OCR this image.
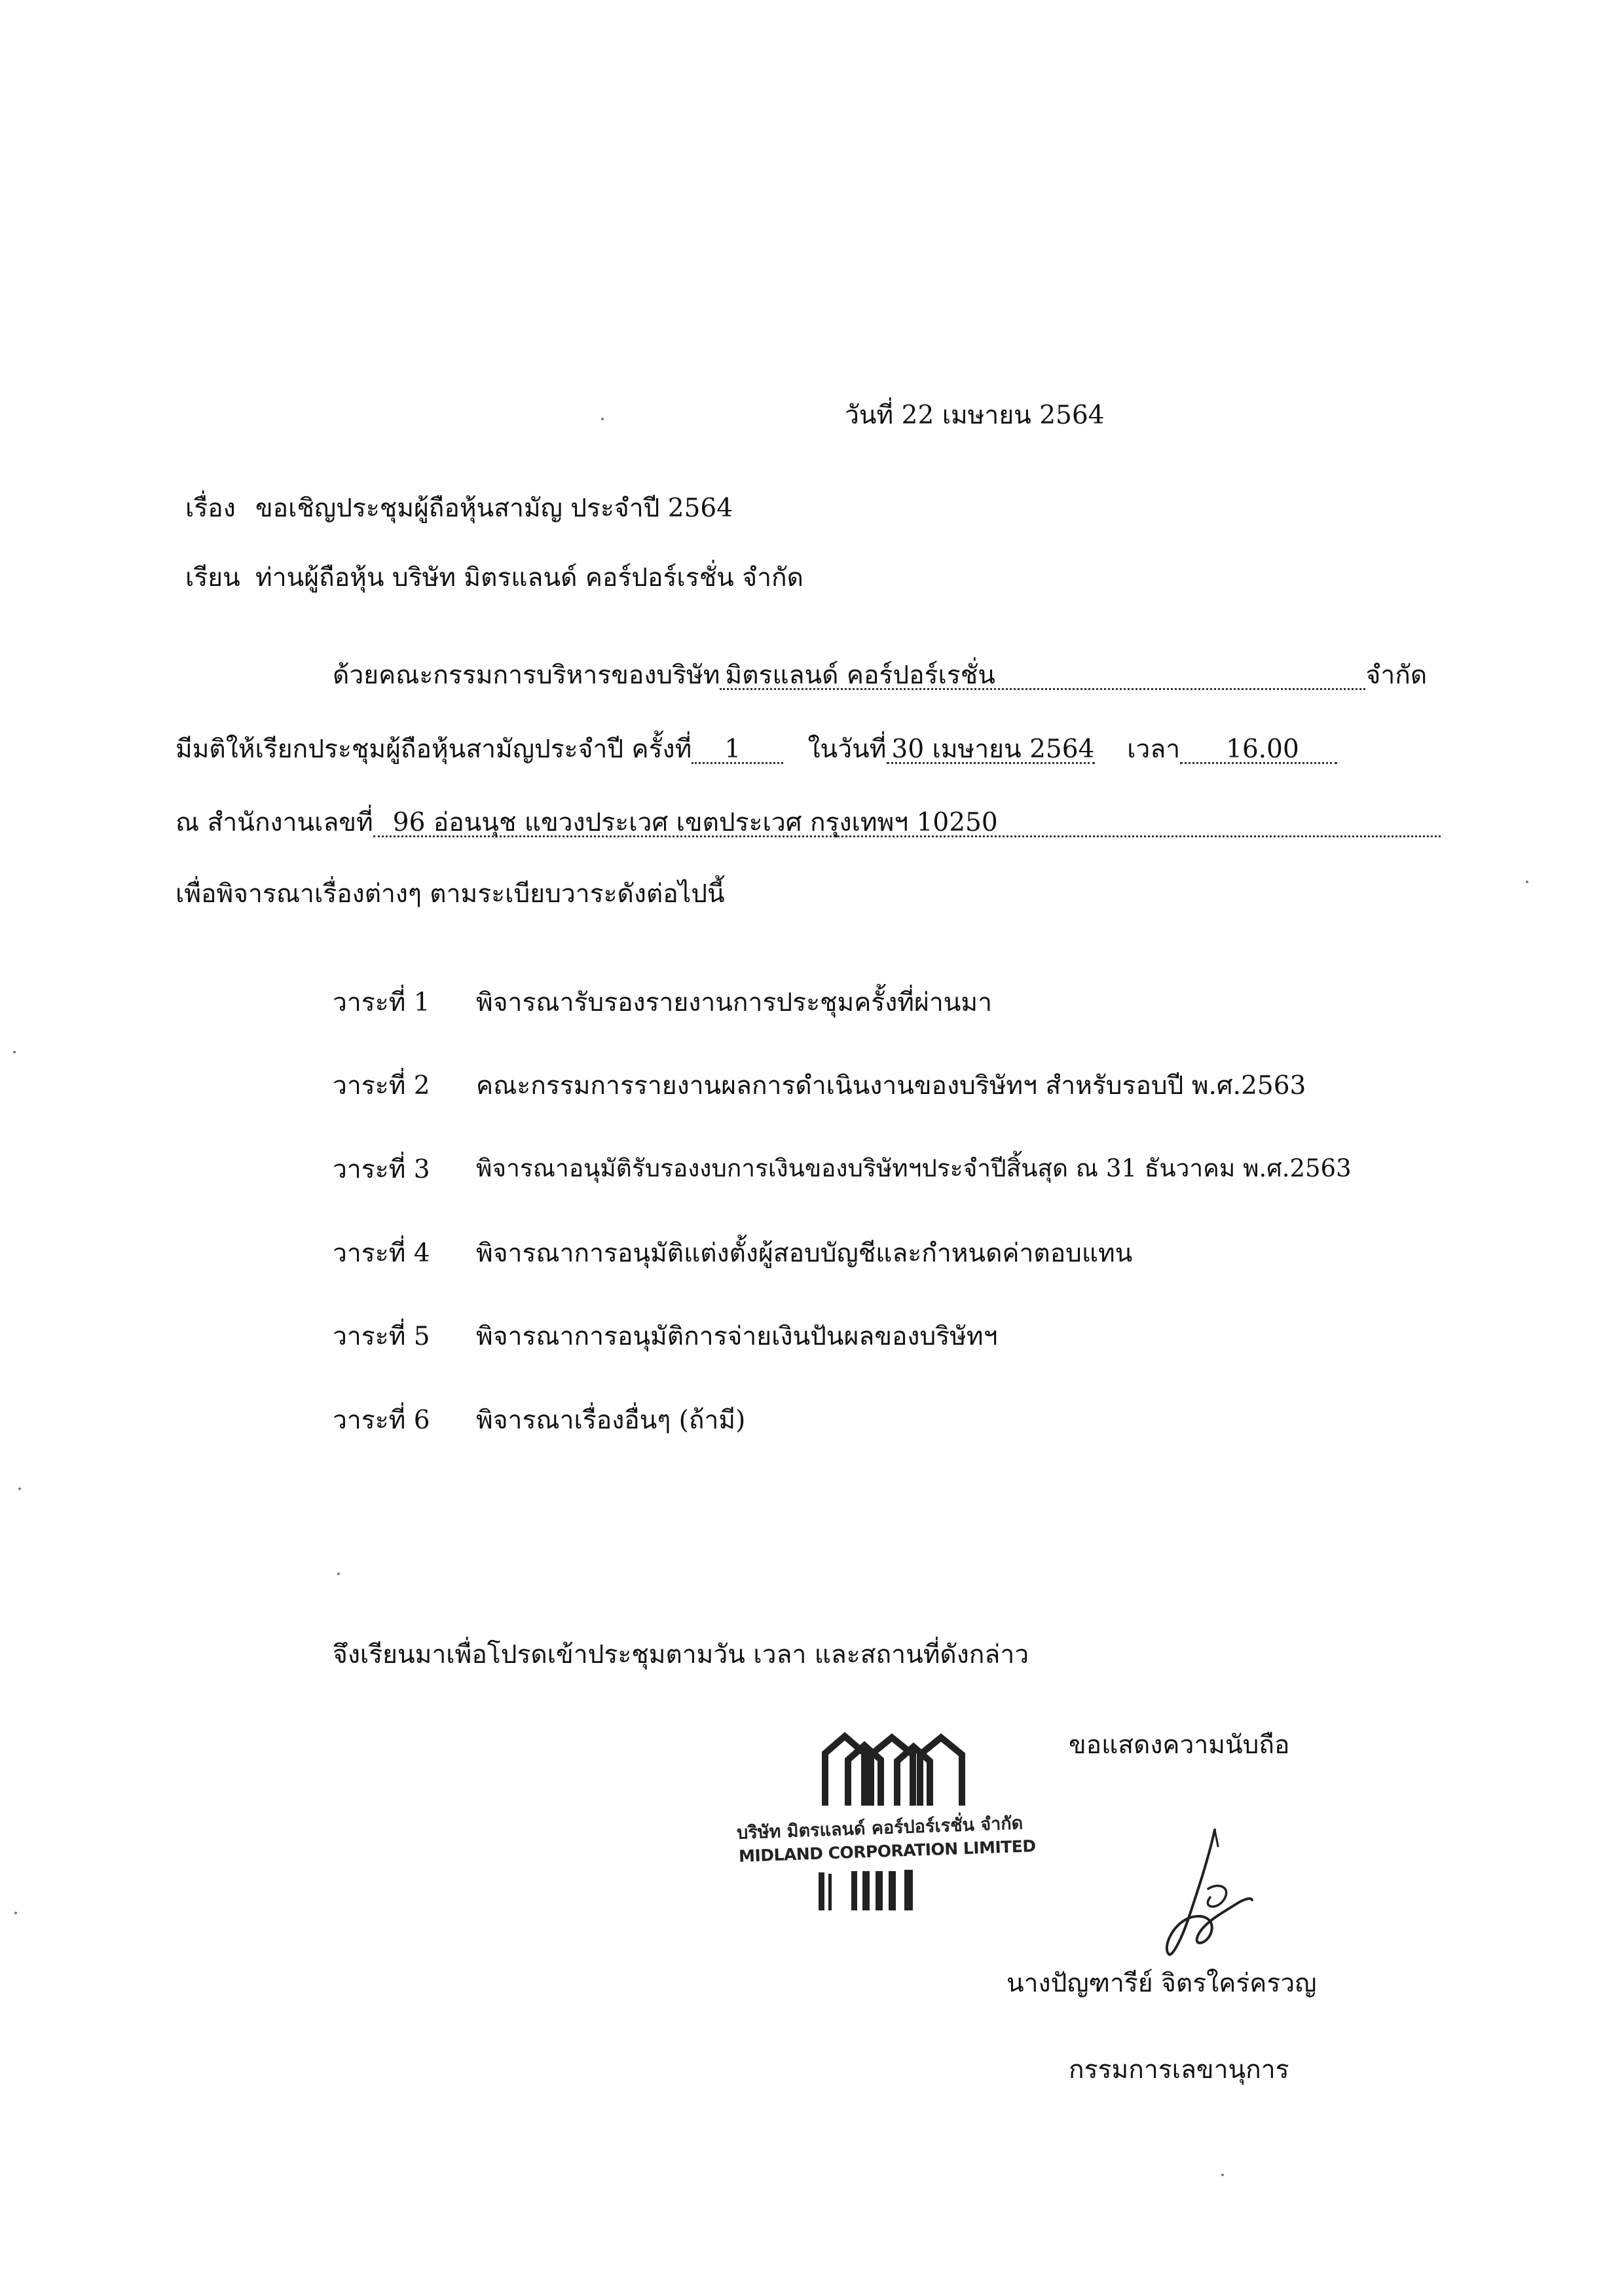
วันที่ 22 เมษายน 2564
เรื่อง ขอเชิญประชุมผู้ถือหุ้นสามัญ ประจำปี 2564
เรียน ท่านผู้ถือหุ้น บริษัท มิตรแลนด์ คอร์ปอร์เรชั่น จำกัด
ด้วยคณะกรรมการบริหารของบริษัท มิตรแลนด์ คอร์ปอร์เรชั่น	จำกัด
มีมติให้เรียกประชุมผู้ถือหุ้นสามัญประจำปี ครั้งที่ 1	ในวันที่ 30 เมษายน 2564 เวลา 16.00
ณ สำนักงานเลขที่ 96 อ่อนนุช แขวงประเวศ เขตประเวศ กรุงเทพฯ 10250
เพื่อพิจารณาเรื่องต่างๆ ตามระเบียบวาระดังต่อไปนี้
วาระที่ 1 พิจารณารับรองรายงานการประชุมครั้งที่ผ่านมา
วาระที่ 2 คณะกรรมการรายงานผลการดำเนินงานของบริษัทฯ สำหรับรอบปี พ.ศ.2563
วาระที่ 3 พิจารณาอนุมัติรับรองงบการเงินของบริษัทฯประจำปีสิ้นสุด ณ 31 ธันวาคม พ.ศ.2563
วาระที่ 4 พิจารณาการอนุมัติแต่งตั้งผู้สอบบัญชีและกำหนดค่าตอบแทน
วาระที่ 5 พิจารณาการอนุมัติการจ่ายเงินปันผลของบริษัทฯ
วาระที่ 6 พิจารณาเรื่องอื่นๆ (ถ้ามี)
จึงเรียนมาเพื่อโปรดเข้าประชุมตามวัน เวลา และสถานที่ดังกล่าว
ขอแสดงความนับถือ
บริษัท มิตรแลนด์ คอร์ปอร์เรชั่น จำกัด
MIDLAND CORPORATION LIMITED
นางปัญฑารีย์ จิตรใคร่ครวญ
กรรมการเลขานุการ
